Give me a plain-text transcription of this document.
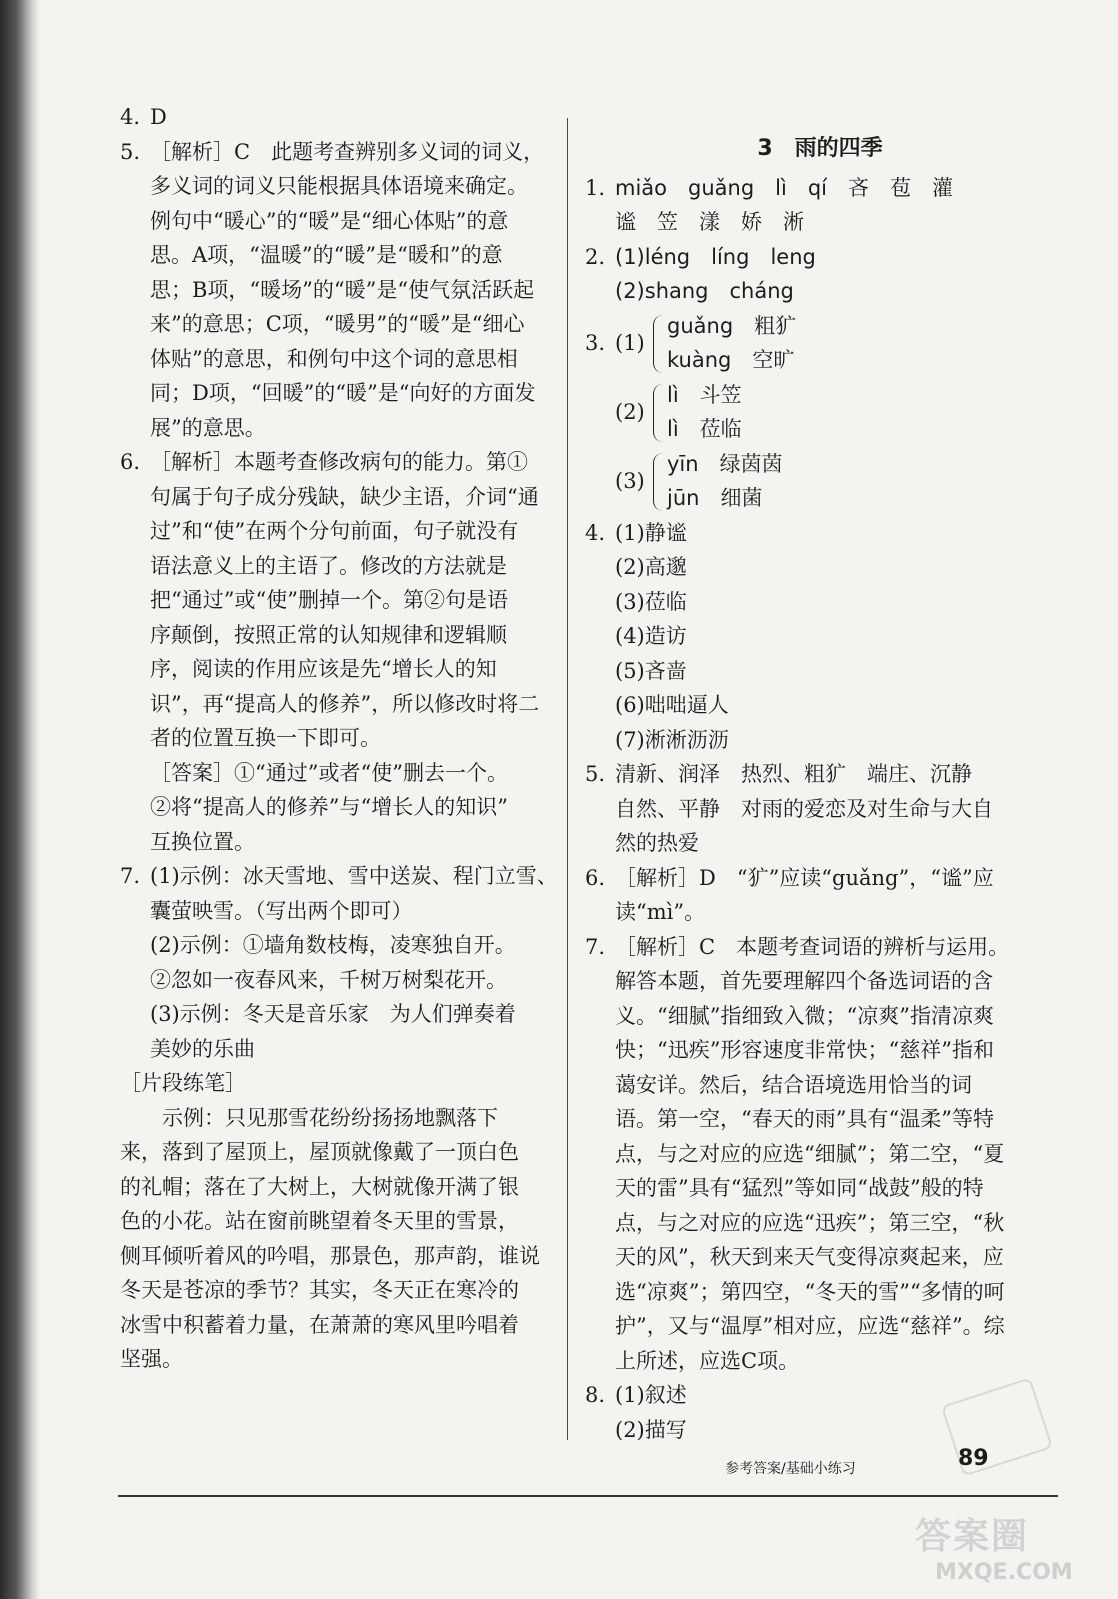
4. D
5. ［解析］C　此题考查辨别多义词的词义，
多义词的词义只能根据具体语境来确定。
例句中“暖心”的“暖”是“细心体贴”的意
思。A项，“温暖”的“暖”是“暖和”的意
思；B项，“暖场”的“暖”是“使气氛活跃起
来”的意思；C项，“暖男”的“暖”是“细心
体贴”的意思，和例句中这个词的意思相
同；D项，“回暖”的“暖”是“向好的方面发
展”的意思。
6. ［解析］本题考查修改病句的能力。第①
句属于句子成分残缺，缺少主语，介词“通
过”和“使”在两个分句前面，句子就没有
语法意义上的主语了。修改的方法就是
把“通过”或“使”删掉一个。第②句是语
序颠倒，按照正常的认知规律和逻辑顺
序，阅读的作用应该是先“增长人的知
识”，再“提高人的修养”，所以修改时将二
者的位置互换一下即可。
［答案］①“通过”或者“使”删去一个。
②将“提高人的修养”与“增长人的知识”
互换位置。
7. (1)示例：冰天雪地、雪中送炭、程门立雪、
囊萤映雪。（写出两个即可）
(2)示例：①墙角数枝梅，凌寒独自开。
②忽如一夜春风来，千树万树梨花开。
(3)示例：冬天是音乐家　为人们弹奏着
美妙的乐曲
［片段练笔］
示例：只见那雪花纷纷扬扬地飘落下
来，落到了屋顶上，屋顶就像戴了一顶白色
的礼帽；落在了大树上，大树就像开满了银
色的小花。站在窗前眺望着冬天里的雪景，
侧耳倾听着风的吟唱，那景色，那声韵，谁说
冬天是苍凉的季节？其实，冬天正在寒冷的
冰雪中积蓄着力量，在萧萧的寒风里吟唱着
坚强。
3　雨的四季
1. miǎo　guǎng　lì　qí　吝　苞　灌
谧　笠　漾　娇　淅
2. (1)léng　líng　leng
(2)shang　cháng
3. (1)
guǎng　粗犷
kuàng　空旷
(2)
lì　斗笠
lì　莅临
(3)
yīn　绿茵茵
jūn　细菌
4. (1)静谧
(2)高邈
(3)莅临
(4)造访
(5)吝啬
(6)咄咄逼人
(7)淅淅沥沥
5. 清新、润泽　热烈、粗犷　端庄、沉静
自然、平静　对雨的爱恋及对生命与大自
然的热爱
6. ［解析］D　“犷”应读“guǎng”，“谧”应
读“mì”。
7. ［解析］C　本题考查词语的辨析与运用。
解答本题，首先要理解四个备选词语的含
义。“细腻”指细致入微；“凉爽”指清凉爽
快；“迅疾”形容速度非常快；“慈祥”指和
蔼安详。然后，结合语境选用恰当的词
语。第一空，“春天的雨”具有“温柔”等特
点，与之对应的应选“细腻”；第二空，“夏
天的雷”具有“猛烈”等如同“战鼓”般的特
点，与之对应的应选“迅疾”；第三空，“秋
天的风”，秋天到来天气变得凉爽起来，应
选“凉爽”；第四空，“冬天的雪”“多情的呵
护”，又与“温厚”相对应，应选“慈祥”。综
上所述，应选C项。
8. (1)叙述
(2)描写
参考答案/基础小练习	89
答案圈
MXQE.COM
